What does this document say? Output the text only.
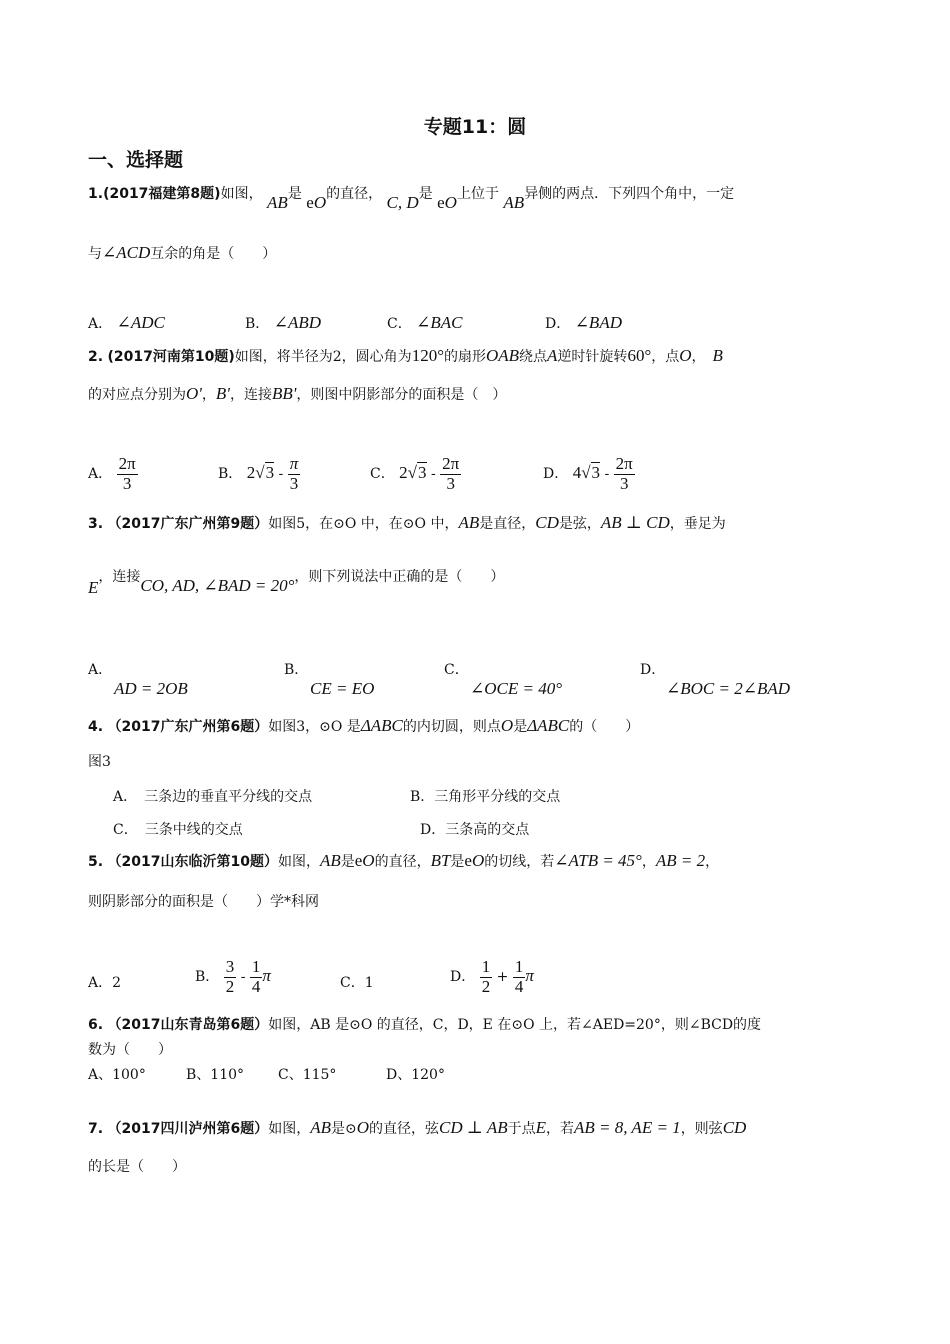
专题11：圆
一、选择题
1.(2017福建第8题)如图， AB是 eO的直径， C, D是 eO上位于 AB异侧的两点．下列四个角中，一定
与∠ACD互余的角是（　　）
A． ∠ADC	B． ∠ABD	C． ∠BAC	D． ∠BAD
2. (2017河南第10题)如图，将半径为2，圆心角为120°的扇形OAB绕点A逆时针旋转60°，点O，　 B
的对应点分别为O'，B'，连接BB'，则图中阴影部分的面积是（　）
A． $\frac{2\pi}{3}$	B． $2√3 - \frac{\pi}{3}$	C． $2√3 - \frac{2\pi}{3}$	D． $4√3 - \frac{2\pi}{3}$
3. （2017广东广州第9题）如图5，在⊙O 中，在⊙O 中，AB是直径，CD是弦，AB ⊥ CD，垂足为
E，连接CO, AD, ∠BAD = 20°，则下列说法中正确的是（　　）
A．
AD = 2OB
B．
CE = EO
C．
∠OCE = 40°
D．
∠BOC = 2∠BAD
4. （2017广东广州第6题）如图3，⊙O 是ΔABC的内切圆，则点O是ΔABC的（　　）
图3
A．　三条边的垂直平分线的交点	B．三角形平分线的交点
C．　三条中线的交点	D．三条高的交点
5. （2017山东临沂第10题）如图，AB是eO的直径，BT是eO的切线，若∠ATB = 45°，AB = 2，
则阴影部分的面积是（　　）学*科网
A．2	B． $\frac{3}{2} - \frac{1}{4}$ π	C．1	D． $\frac{1}{2} + \frac{1}{4}$ π
6. （2017山东青岛第6题）如图，AB 是⊙O 的直径，C，D，E 在⊙O 上，若∠AED=20°，则∠BCD的度
数为（　　）
A、100°	B、110° C、115°	D、120°
7. （2017四川泸州第6题）如图，AB是⊙O的直径，弦CD ⊥ AB于点E，若AB = 8, AE = 1，则弦CD
的长是（　　）
